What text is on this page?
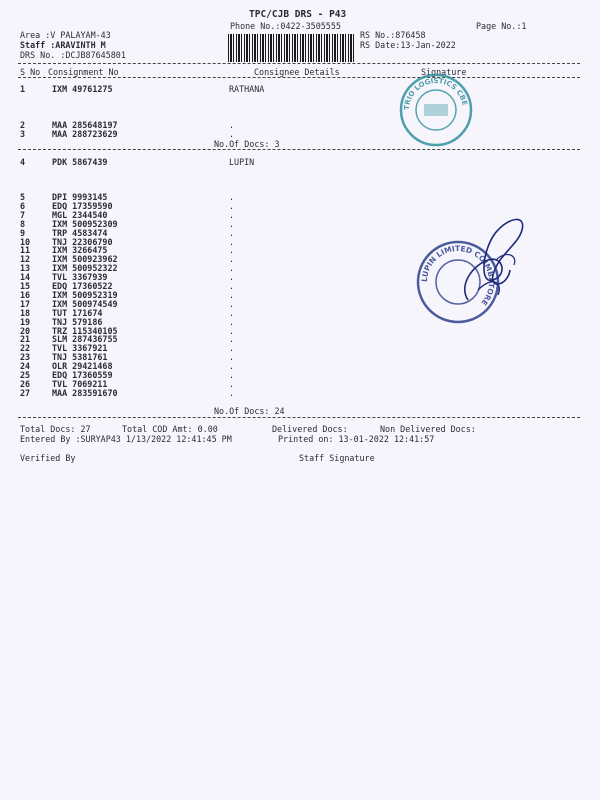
TPC/CJB DRS - P43
Phone No.:0422-3505555	Page No.:1
Area :V PALAYAM-43
Staff :ARAVINTH M
DRS No. :DCJB87645801
RS No.:876458
RS Date:13-Jan-2022
S No Consignment No	Consignee Details	Signature
1	IXM 49761275	RATHANA
2	MAA 285648197	.
3	MAA 288723629	.
No.Of Docs: 3
4	PDK 5867439	LUPIN
5	DPI 9993145	.
6	EDQ 17359590	.
7	MGL 2344540	.
8	IXM 500952309	.
9	TRP 4583474	.
10	TNJ 22306790	.
11	IXM 3266475	.
12	IXM 500923962	.
13	IXM 500952322	.
14	TVL 3367939	.
15	EDQ 17360522	.
16	IXM 500952319	.
17	IXM 500974549	.
18	TUT 171674	.
19	TNJ 579186	.
20	TRZ 115340105	.
21	SLM 287436755	.
22	TVL 3367921	.
23	TNJ 5381761	.
24	OLR 29421468	.
25	EDQ 17360559	.
26	TVL 7069211	.
27	MAA 283591670	.
No.Of Docs: 24
Total Docs: 27	Total COD Amt: 0.00	Delivered Docs:	Non Delivered Docs:
Entered By :SURYAP43 1/13/2022 12:41:45 PM	Printed on: 13-01-2022 12:41:57
Verified By	Staff Signature
TRIO LOGISTICS CBE
LUPIN LIMITED COIMBATORE
